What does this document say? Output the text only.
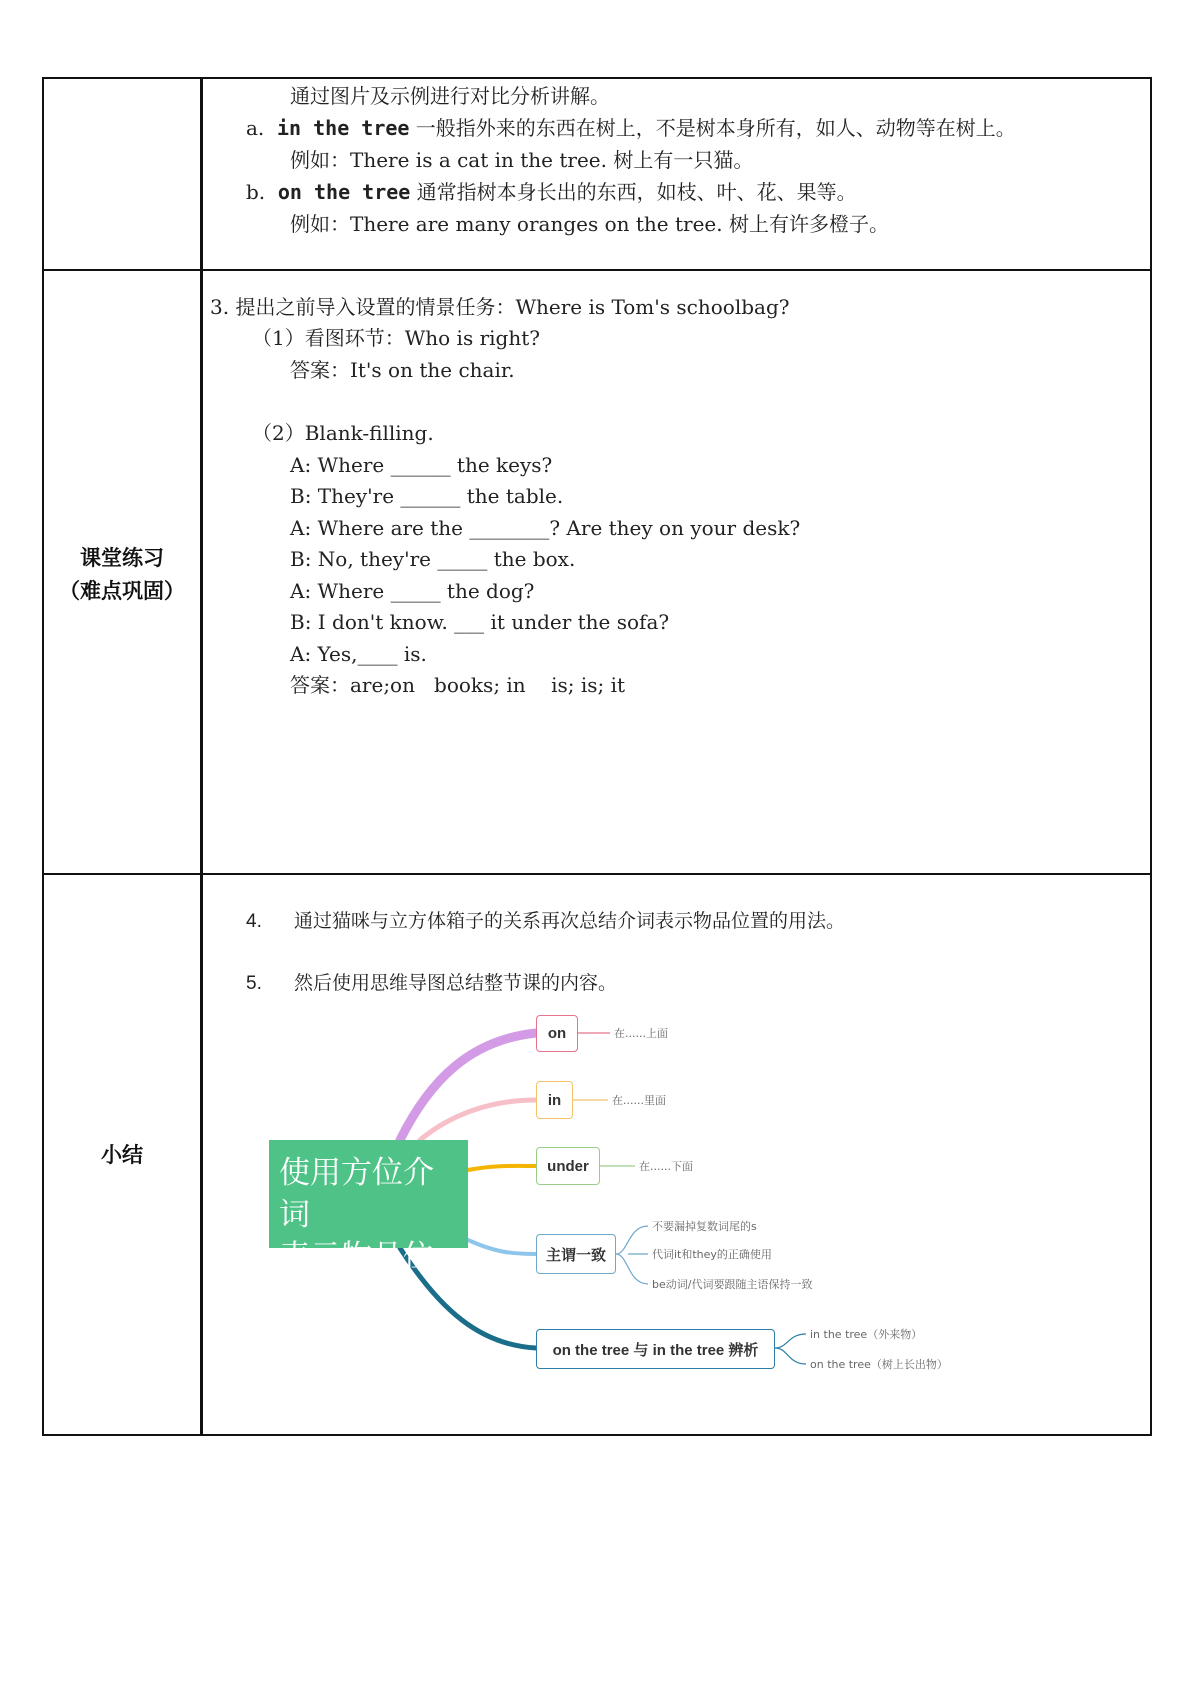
课堂练习
（难点巩固）
小结
通过图片及示例进行对比分析讲解。
a.  in the tree 一般指外来的东西在树上，不是树本身所有，如人、动物等在树上。
例如：There is a cat in the tree. 树上有一只猫。
b.  on the tree 通常指树本身长出的东西，如枝、叶、花、果等。
例如：There are many oranges on the tree. 树上有许多橙子。
3. 提出之前导入设置的情景任务：Where is Tom's schoolbag?
（1）看图环节：Who is right?
答案：It's on the chair.
（2）Blank-filling.
A: Where ______ the keys?
B: They're ______ the table.
A: Where are the ________? Are they on your desk?
B: No, they're _____ the box.
A: Where _____ the dog?
B: I don't know. ___ it under the sofa?
A: Yes,____ is.
答案：are;on   books; in    is; is; it
4. 通过猫咪与立方体箱子的关系再次总结介词表示物品位置的用法。
5. 然后使用思维导图总结整节课的内容。
使用方位介词
表示物品位置
on
in
under
主谓一致
on the tree 与 in the tree 辨析
在......上面
在......里面
在......下面
不要漏掉复数词尾的s
代词it和they的正确使用
be动词/代词要跟随主语保持一致
in the tree（外来物）
on the tree（树上长出物）
